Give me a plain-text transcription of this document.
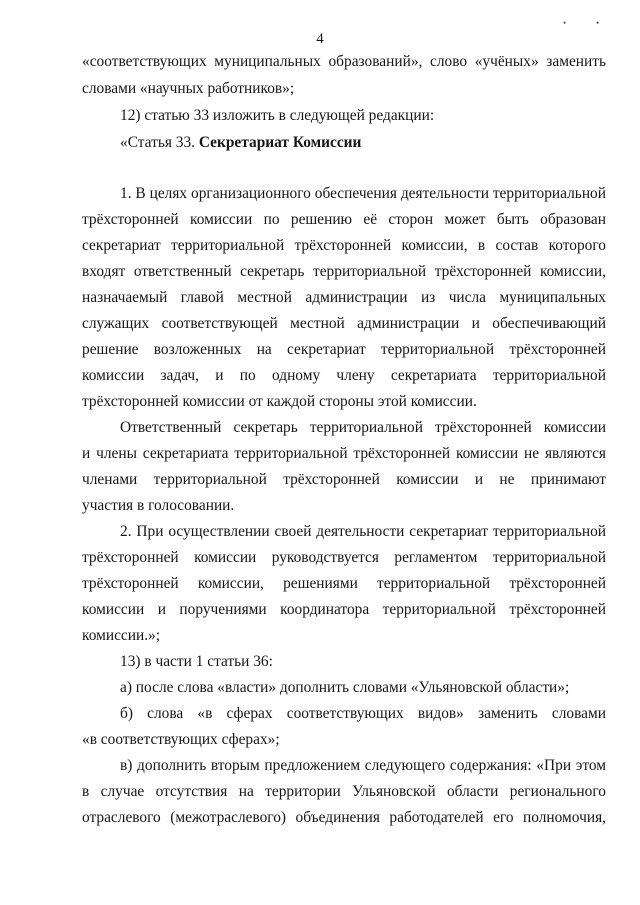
•	•
4
«соответствующих муниципальных образований», слово «учёных» заменить
словами «научных работников»;
12) статью 33 изложить в следующей редакции:
«Статья 33. Секретариат Комиссии
1. В целях организационного обеспечения деятельности территориальной
трёхсторонней комиссии по решению её сторон может быть образован
секретариат территориальной трёхсторонней комиссии, в состав которого
входят ответственный секретарь территориальной трёхсторонней комиссии,
назначаемый главой местной администрации из числа муниципальных
служащих соответствующей местной администрации и обеспечивающий
решение возложенных на секретариат территориальной трёхсторонней
комиссии задач, и по одному члену секретариата территориальной
трёхсторонней комиссии от каждой стороны этой комиссии.
Ответственный секретарь территориальной трёхсторонней комиссии
и члены секретариата территориальной трёхсторонней комиссии не являются
членами территориальной трёхсторонней комиссии и не принимают
участия в голосовании.
2. При осуществлении своей деятельности секретариат территориальной
трёхсторонней комиссии руководствуется регламентом территориальной
трёхсторонней комиссии, решениями территориальной трёхсторонней
комиссии и поручениями координатора территориальной трёхсторонней
комиссии.»;
13) в части 1 статьи 36:
а) после слова «власти» дополнить словами «Ульяновской области»;
б) слова «в сферах соответствующих видов» заменить словами
«в соответствующих сферах»;
в) дополнить вторым предложением следующего содержания: «При этом
в случае отсутствия на территории Ульяновской области регионального
отраслевого (межотраслевого) объединения работодателей его полномочия,
